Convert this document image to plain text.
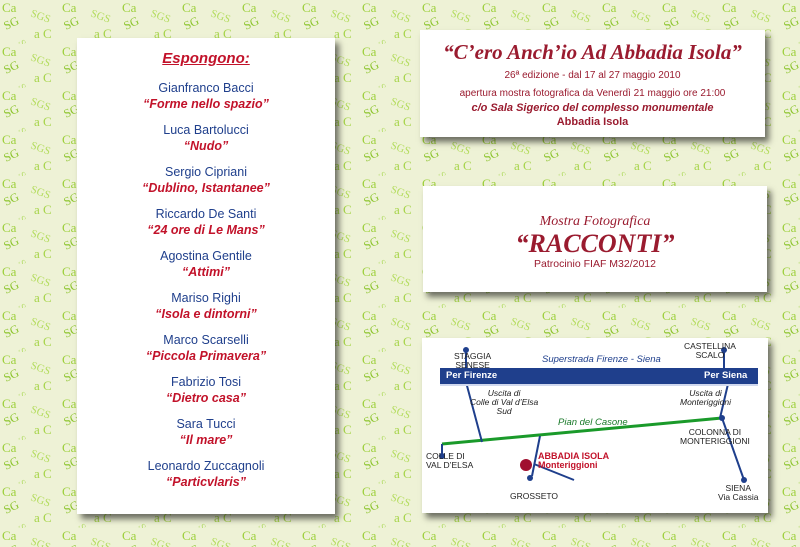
Espongono:
Gianfranco Bacci
“Forme nello spazio”
Luca Bartolucci
“Nudo”
Sergio Cipriani
“Dublino, Istantanee”
Riccardo De Santi
“24 ore di Le Mans”
Agostina Gentile
“Attimi”
Mariso Righi
“Isola e dintorni”
Marco Scarselli
“Piccola Primavera”
Fabrizio Tosi
“Dietro casa”
Sara Tucci
“Il mare”
Leonardo Zuccagnoli
“Particvlaris”
“C’ero Anch’io Ad Abbadia Isola”
26ª edizione - dal 17 al 27 maggio 2010
apertura mostra fotografica da Venerdì 21 maggio ore 21:00
c/o Sala Sigerico del complesso monumentale
Abbadia Isola
Mostra Fotografica
“RACCONTI”
Patrocinio FIAF M32/2012
STAGGIA
SENESE
CASTELLINA
SCALO
Superstrada Firenze - Siena
Per Firenze	Per Siena
Uscita di
Colle di Val d’Elsa
Sud
Uscita di
Monteriggioni
Pian del Casone
COLONNA DI
MONTERIGGIONI
COLLE DI
VAL D’ELSA
ABBADIA ISOLA
Monteriggioni
GROSSETO
SIENA
Via Cassia
